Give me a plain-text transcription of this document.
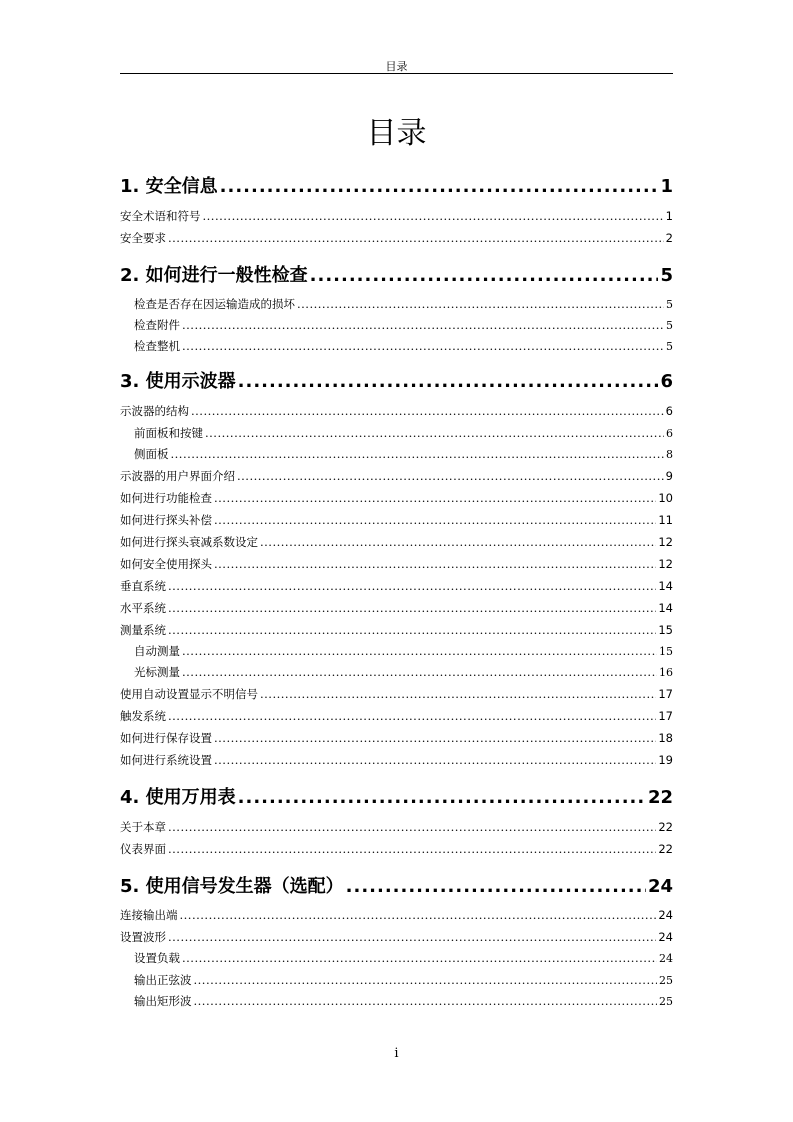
目录
目录
1. 安全信息 .....	1
安全术语和符号 .....	1
安全要求 .....	2
2. 如何进行一般性检查 .....	5
检查是否存在因运输造成的损坏 .....	5
检查附件 .....	5
检查整机 .....	5
3. 使用示波器 .....	6
示波器的结构 .....	6
前面板和按键 .....	6
侧面板 .....	8
示波器的用户界面介绍 .....	9
如何进行功能检查 .....	10
如何进行探头补偿 .....	11
如何进行探头衰减系数设定 .....	12
如何安全使用探头 .....	12
垂直系统 .....	14
水平系统 .....	14
测量系统 .....	15
自动测量 .....	15
光标测量 .....	16
使用自动设置显示不明信号 .....	17
触发系统 .....	17
如何进行保存设置 .....	18
如何进行系统设置 .....	19
4. 使用万用表 .....	22
关于本章 .....	22
仪表界面 .....	22
5. 使用信号发生器（选配） .....	24
连接输出端 .....	24
设置波形 .....	24
设置负载 .....	24
输出正弦波 .....	25
输出矩形波 .....	25
i
